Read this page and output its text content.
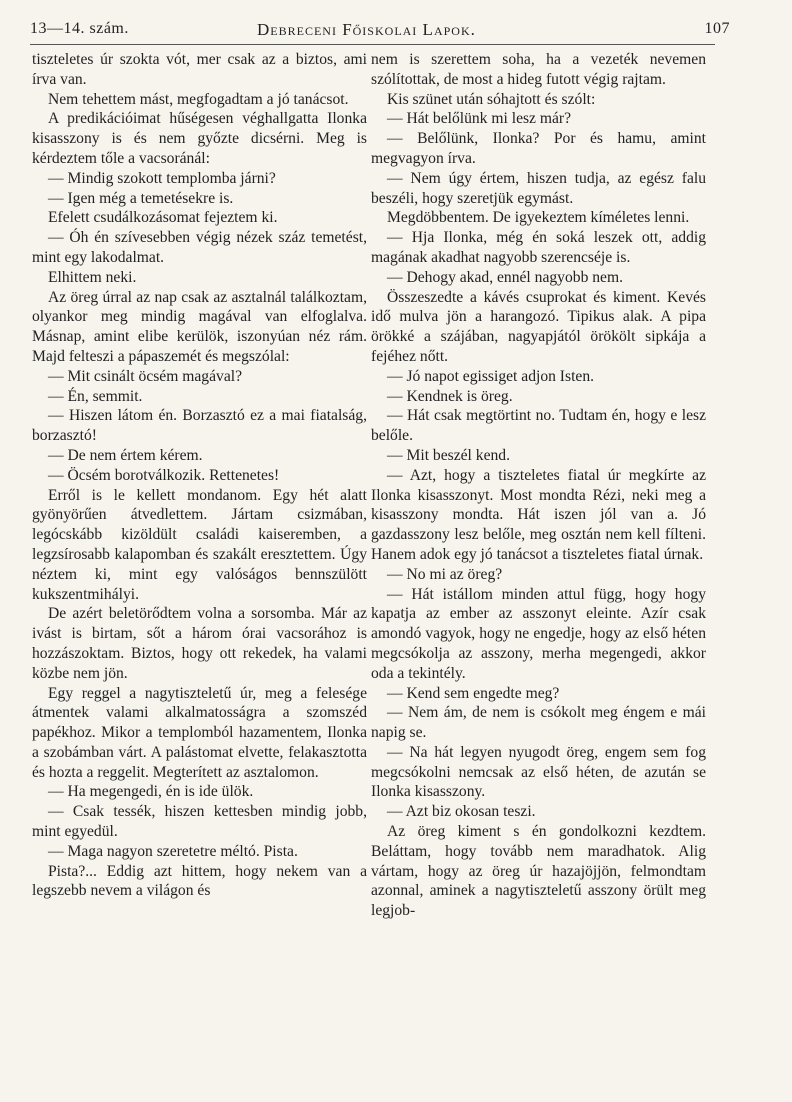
13—14. szám.	Debreceni Főiskolai Lapok.	107

tiszteletes úr szokta vót, mer csak az a biztos, ami írva van.

Nem tehettem mást, megfogadtam a jó tanácsot.

A predikációimat hűségesen véghallgatta Ilonka kisasszony is és nem győzte dicsérni. Meg is kérdeztem tőle a vacsoránál:

— Mindig szokott templomba járni?

— Igen még a temetésekre is.

Efelett csudálkozásomat fejeztem ki.

— Óh én szívesebben végig nézek száz temetést, mint egy lakodalmat.

Elhittem neki.

Az öreg úrral az nap csak az asztalnál találkoztam, olyankor meg mindig magával van elfoglalva. Másnap, amint elibe kerülök, iszonyúan néz rám. Majd felteszi a pápaszemét és megszólal:

— Mit csinált öcsém magával?

— Én, semmit.

— Hiszen látom én. Borzasztó ez a mai fiatalság, borzasztó!

— De nem értem kérem.

— Öcsém borotválkozik. Rettenetes!

Erről is le kellett mondanom. Egy hét alatt gyönyörűen átvedlettem. Jártam csizmában, legócskább kizöldült családi kaiseremben, a legzsírosabb kalapomban és szakált eresztettem. Úgy néztem ki, mint egy valóságos bennszülött kukszentmihályi.

De azért beletörődtem volna a sorsomba. Már az ivást is birtam, sőt a három órai vacsorához is hozzászoktam. Biztos, hogy ott rekedek, ha valami közbe nem jön.

Egy reggel a nagytiszteletű úr, meg a felesége átmentek valami alkalmatosságra a szomszéd papékhoz. Mikor a templomból hazamentem, Ilonka a szobámban várt. A palástomat elvette, felakasztotta és hozta a reggelit. Megterített az asztalomon.

— Ha megengedi, én is ide ülök.

— Csak tessék, hiszen kettesben mindig jobb, mint egyedül.

— Maga nagyon szeretetre méltó. Pista.

Pista?... Eddig azt hittem, hogy nekem van a legszebb nevem a világon és

nem is szerettem soha, ha a vezeték nevemen szólítottak, de most a hideg futott végig rajtam.

Kis szünet után sóhajtott és szólt:

— Hát belőlünk mi lesz már?

— Belőlünk, Ilonka? Por és hamu, amint megvagyon írva.

— Nem úgy értem, hiszen tudja, az egész falu beszéli, hogy szeretjük egymást.

Megdöbbentem. De igyekeztem kíméletes lenni.

— Hja Ilonka, még én soká leszek ott, addig magának akadhat nagyobb szerencséje is.

— Dehogy akad, ennél nagyobb nem.

Összeszedte a kávés csuprokat és kiment. Kevés idő mulva jön a harangozó. Tipikus alak. A pipa örökké a szájában, nagyapjától örökölt sipkája a fejéhez nőtt.

— Jó napot egissiget adjon Isten.

— Kendnek is öreg.

— Hát csak megtörtint no. Tudtam én, hogy e lesz belőle.

— Mit beszél kend.

— Azt, hogy a tiszteletes fiatal úr megkírte az Ilonka kisasszonyt. Most mondta Rézi, neki meg a kisasszony mondta. Hát iszen jól van a. Jó gazdasszony lesz belőle, meg osztán nem kell fílteni. Hanem adok egy jó tanácsot a tiszteletes fiatal úrnak.

— No mi az öreg?

— Hát istállom minden attul függ, hogy hogy kapatja az ember az asszonyt eleinte. Azír csak amondó vagyok, hogy ne engedje, hogy az első héten megcsókolja az asszony, merha megengedi, akkor oda a tekintély.

— Kend sem engedte meg?

— Nem ám, de nem is csókolt meg éngem e mái napig se.

— Na hát legyen nyugodt öreg, engem sem fog megcsókolni nemcsak az első héten, de azután se Ilonka kisasszony.

— Azt biz okosan teszi.

Az öreg kiment s én gondolkozni kezdtem. Beláttam, hogy tovább nem maradhatok. Alig vártam, hogy az öreg úr hazajöjjön, felmondtam azonnal, aminek a nagytiszteletű asszony örült meg legjob-
